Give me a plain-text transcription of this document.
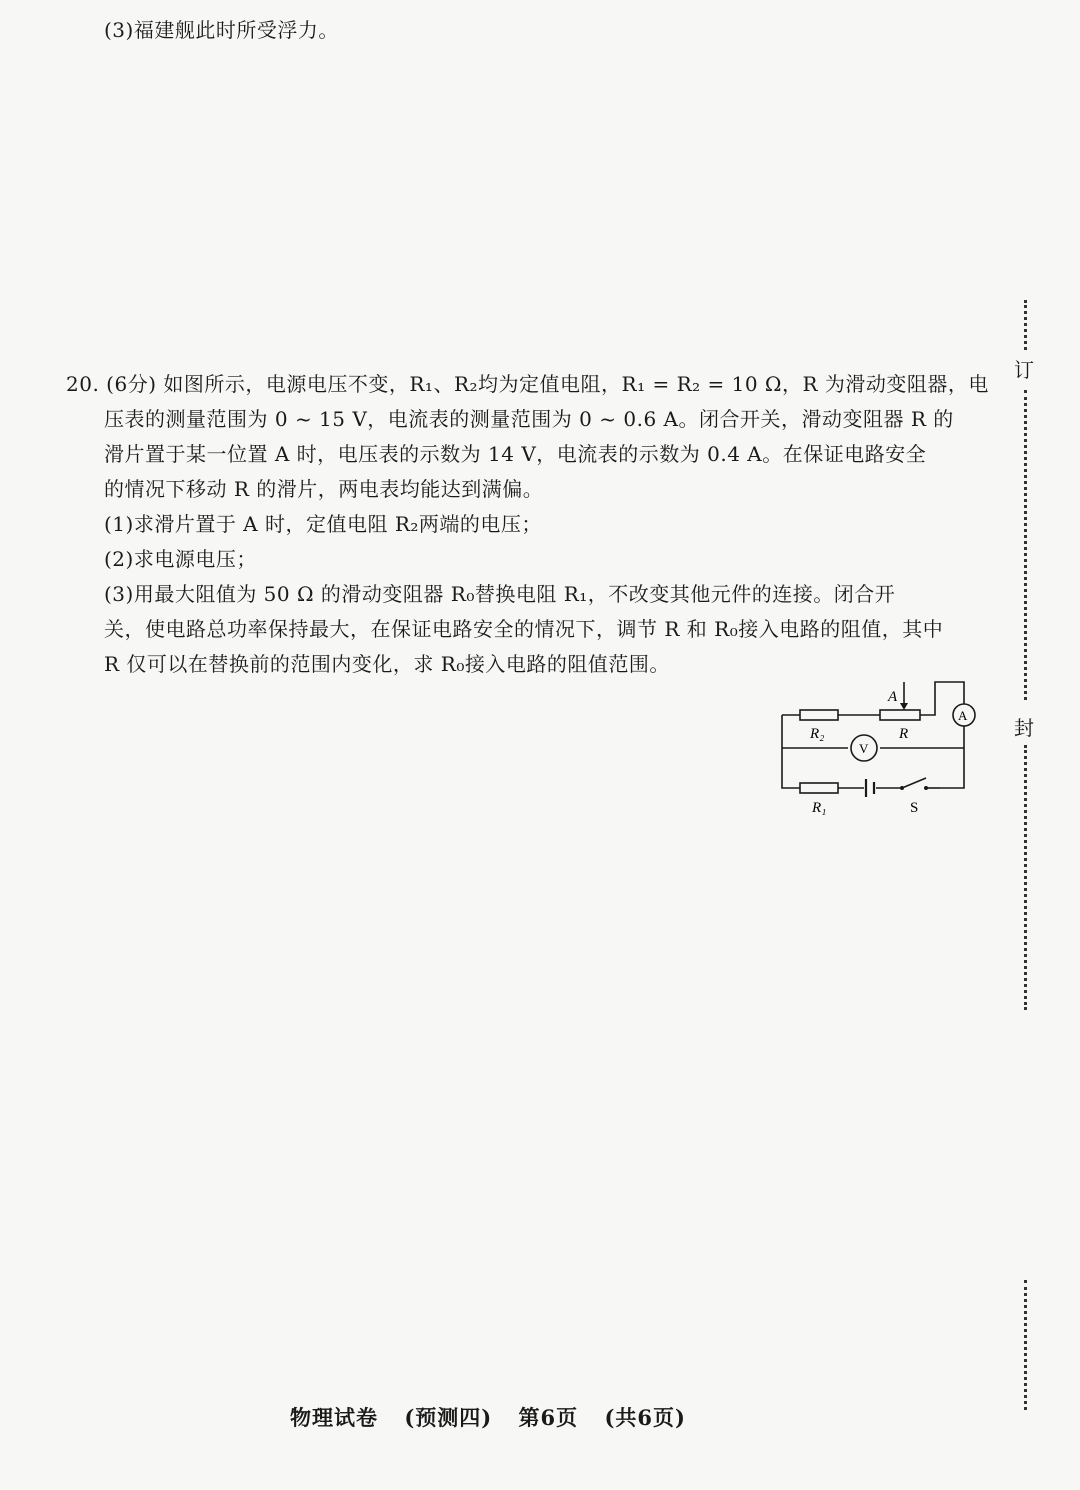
(3)福建舰此时所受浮力。
20. (6分) 如图所示，电源电压不变，R₁、R₂均为定值电阻，R₁ = R₂ = 10 Ω，R 为滑动变阻器，电
压表的测量范围为 0 ~ 15 V，电流表的测量范围为 0 ~ 0.6 A。闭合开关，滑动变阻器 R 的
滑片置于某一位置 A 时，电压表的示数为 14 V，电流表的示数为 0.4 A。在保证电路安全
的情况下移动 R 的滑片，两电表均能达到满偏。
(1)求滑片置于 A 时，定值电阻 R₂两端的电压；
(2)求电源电压；
(3)用最大阻值为 50 Ω 的滑动变阻器 R₀替换电阻 R₁，不改变其他元件的连接。闭合开
关，使电路总功率保持最大，在保证电路安全的情况下，调节 R 和 R₀接入电路的阻值，其中
R 仅可以在替换前的范围内变化，求 R₀接入电路的阻值范围。
A
R₂	R
R₁	S
A
V
物理试卷 (预测四) 第6页 (共6页)
订
封
